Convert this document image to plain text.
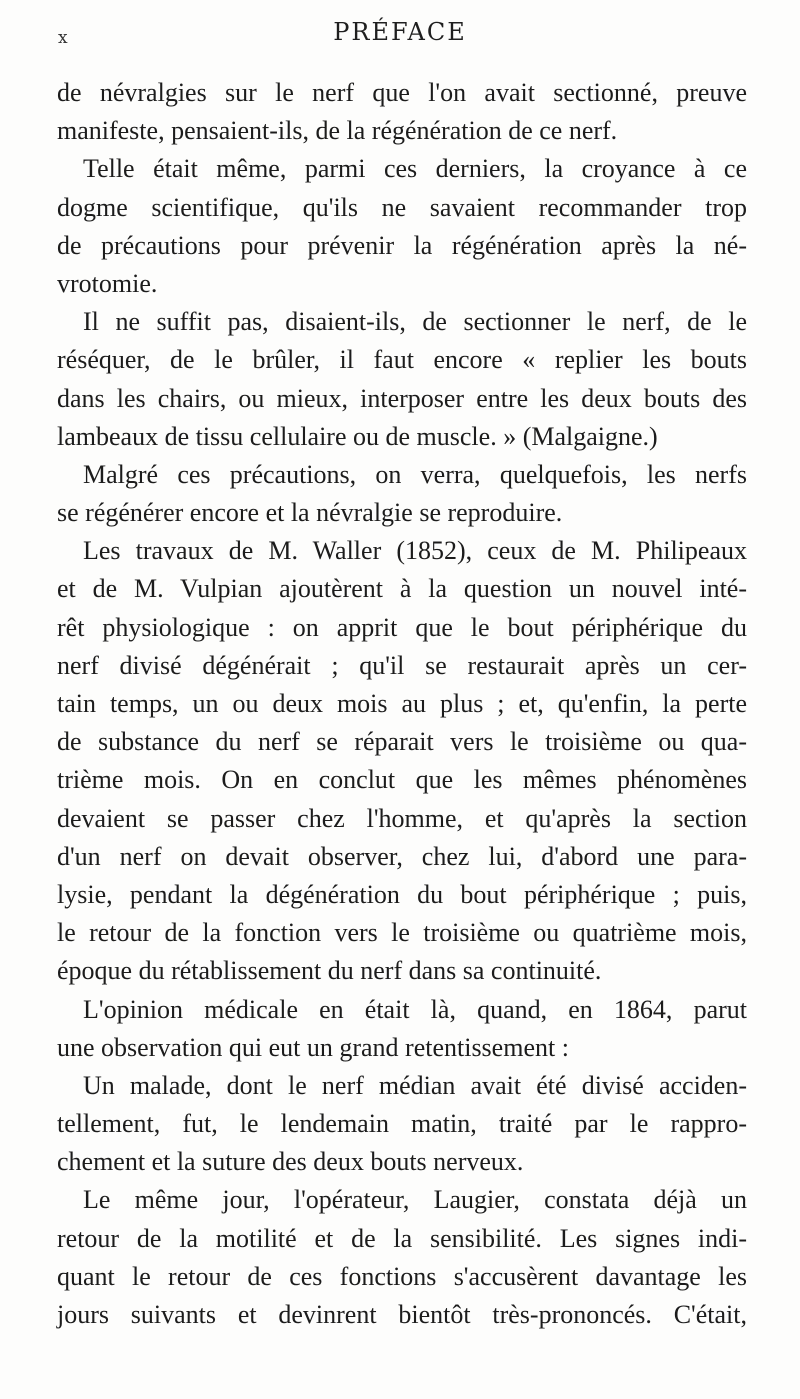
x	PRÉFACE
de névralgies sur le nerf que l'on avait sectionné, preuve
manifeste, pensaient-ils, de la régénération de ce nerf.
Telle était même, parmi ces derniers, la croyance à ce
dogme scientifique, qu'ils ne savaient recommander trop
de précautions pour prévenir la régénération après la né-
vrotomie.
Il ne suffit pas, disaient-ils, de sectionner le nerf, de le
réséquer, de le brûler, il faut encore « replier les bouts
dans les chairs, ou mieux, interposer entre les deux bouts des
lambeaux de tissu cellulaire ou de muscle. » (Malgaigne.)
Malgré ces précautions, on verra, quelquefois, les nerfs
se régénérer encore et la névralgie se reproduire.
Les travaux de M. Waller (1852), ceux de M. Philipeaux
et de M. Vulpian ajoutèrent à la question un nouvel inté-
rêt physiologique : on apprit que le bout périphérique du
nerf divisé dégénérait ; qu'il se restaurait après un cer-
tain temps, un ou deux mois au plus ; et, qu'enfin, la perte
de substance du nerf se réparait vers le troisième ou qua-
trième mois. On en conclut que les mêmes phénomènes
devaient se passer chez l'homme, et qu'après la section
d'un nerf on devait observer, chez lui, d'abord une para-
lysie, pendant la dégénération du bout périphérique ; puis,
le retour de la fonction vers le troisième ou quatrième mois,
époque du rétablissement du nerf dans sa continuité.
L'opinion médicale en était là, quand, en 1864, parut
une observation qui eut un grand retentissement :
Un malade, dont le nerf médian avait été divisé acciden-
tellement, fut, le lendemain matin, traité par le rappro-
chement et la suture des deux bouts nerveux.
Le même jour, l'opérateur, Laugier, constata déjà un
retour de la motilité et de la sensibilité. Les signes indi-
quant le retour de ces fonctions s'accusèrent davantage les
jours suivants et devinrent bientôt très-prononcés. C'était,
